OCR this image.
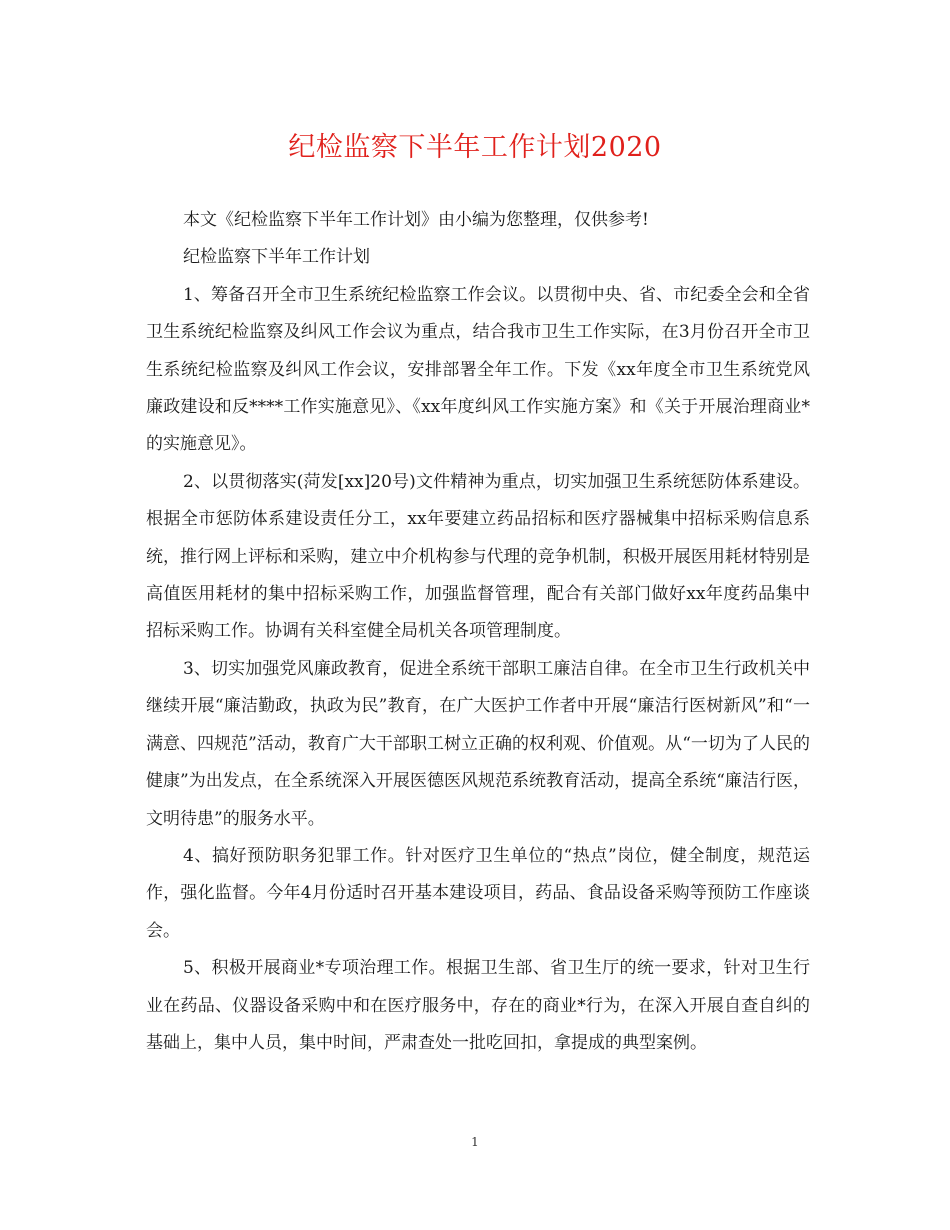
纪检监察下半年工作计划2020

本文《纪检监察下半年工作计划》由小编为您整理，仅供参考!

纪检监察下半年工作计划

1、筹备召开全市卫生系统纪检监察工作会议。以贯彻中央、省、市纪委全会和全省卫生系统纪检监察及纠风工作会议为重点，结合我市卫生工作实际，在3月份召开全市卫生系统纪检监察及纠风工作会议，安排部署全年工作。下发《xx年度全市卫生系统党风廉政建设和反****工作实施意见》、《xx年度纠风工作实施方案》和《关于开展治理商业*的实施意见》。

2、以贯彻落实(菏发[xx]20号)文件精神为重点，切实加强卫生系统惩防体系建设。根据全市惩防体系建设责任分工，xx年要建立药品招标和医疗器械集中招标采购信息系统，推行网上评标和采购，建立中介机构参与代理的竞争机制，积极开展医用耗材特别是高值医用耗材的集中招标采购工作，加强监督管理，配合有关部门做好xx年度药品集中招标采购工作。协调有关科室健全局机关各项管理制度。

3、切实加强党风廉政教育，促进全系统干部职工廉洁自律。在全市卫生行政机关中继续开展“廉洁勤政，执政为民”教育，在广大医护工作者中开展“廉洁行医树新风”和“一满意、四规范”活动，教育广大干部职工树立正确的权利观、价值观。从“一切为了人民的健康”为出发点，在全系统深入开展医德医风规范系统教育活动，提高全系统“廉洁行医，文明待患”的服务水平。

4、搞好预防职务犯罪工作。针对医疗卫生单位的“热点”岗位，健全制度，规范运作，强化监督。今年4月份适时召开基本建设项目，药品、食品设备采购等预防工作座谈会。

5、积极开展商业*专项治理工作。根据卫生部、省卫生厅的统一要求，针对卫生行业在药品、仪器设备采购中和在医疗服务中，存在的商业*行为，在深入开展自查自纠的基础上，集中人员，集中时间，严肃查处一批吃回扣，拿提成的典型案例。

1
